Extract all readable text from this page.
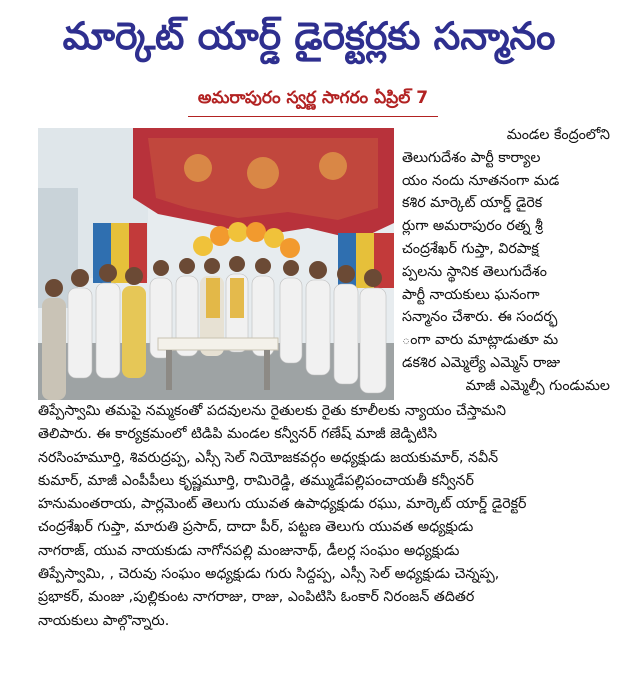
మార్కెట్ యార్డ్ డైరెక్టర్లకు సన్మానం
అమరాపురం స్వర్ణ సాగరం ఏప్రిల్ 7
మండల కేంద్రంలోని
తెలుగుదేశం పార్టీ కార్యాల
యం నందు నూతనంగా మడ
కశిర మార్కెట్ యార్డ్ డైరెక
ర్లుగా అమరాపురం రత్న శ్రీ
చంద్రశేఖర్ గుప్తా, విరపాక్ష
ప్పలను స్థానిక తెలుగుదేశం
పార్టీ నాయకులు ఘనంగా
సన్మానం చేశారు. ఈ సందర్భ
ంగా వారు మాట్లాడుతూ మ
డకశిర ఎమ్మెల్యే ఎమ్మెస్ రాజు
మాజీ ఎమ్మెల్సీ గుండుమల
తిప్పేస్వామి తమపై నమ్మకంతో పదవులను రైతులకు రైతు కూలీలకు న్యాయం చేస్తామని
తెలిపారు. ఈ కార్యక్రమంలో టిడిపి మండల కన్వీనర్ గణేష్ మాజీ జెడ్పిటిసి
నరసింహమూర్తి, శివరుద్రప్ప, ఎస్సీ సెల్ నియోజకవర్గం అధ్యక్షుడు జయకుమార్, నవీన్
కుమార్, మాజీ ఎంపీపీలు కృష్ణమూర్తి, రామిరెడ్డి, తమ్ముడేపల్లిపంచాయతీ కన్వీనర్
హనుమంతరాయ, పార్లమెంట్ తెలుగు యువత ఉపాధ్యక్షుడు రఘు, మార్కెట్ యార్డ్ డైరెక్టర్
చంద్రశేఖర్ గుప్తా, మారుతి ప్రసాద్, దాదా పీర్, పట్టణ తెలుగు యువత అధ్యక్షుడు
నాగరాజ్, యువ నాయకుడు నాగోనపల్లి మంజునాథ్, డీలర్ల సంఘం అధ్యక్షుడు
తిప్పేస్వామి, , చెరువు సంఘం అధ్యక్షుడు గురు సిద్దప్ప, ఎస్సీ సెల్ అధ్యక్షుడు చెన్నప్ప,
ప్రభాకర్, మంజు ,పుల్లికుంట నాగరాజు, రాజు, ఎంపిటిసి ఓంకార్ నిరంజన్ తదితర
నాయకులు పాల్గొన్నారు.
